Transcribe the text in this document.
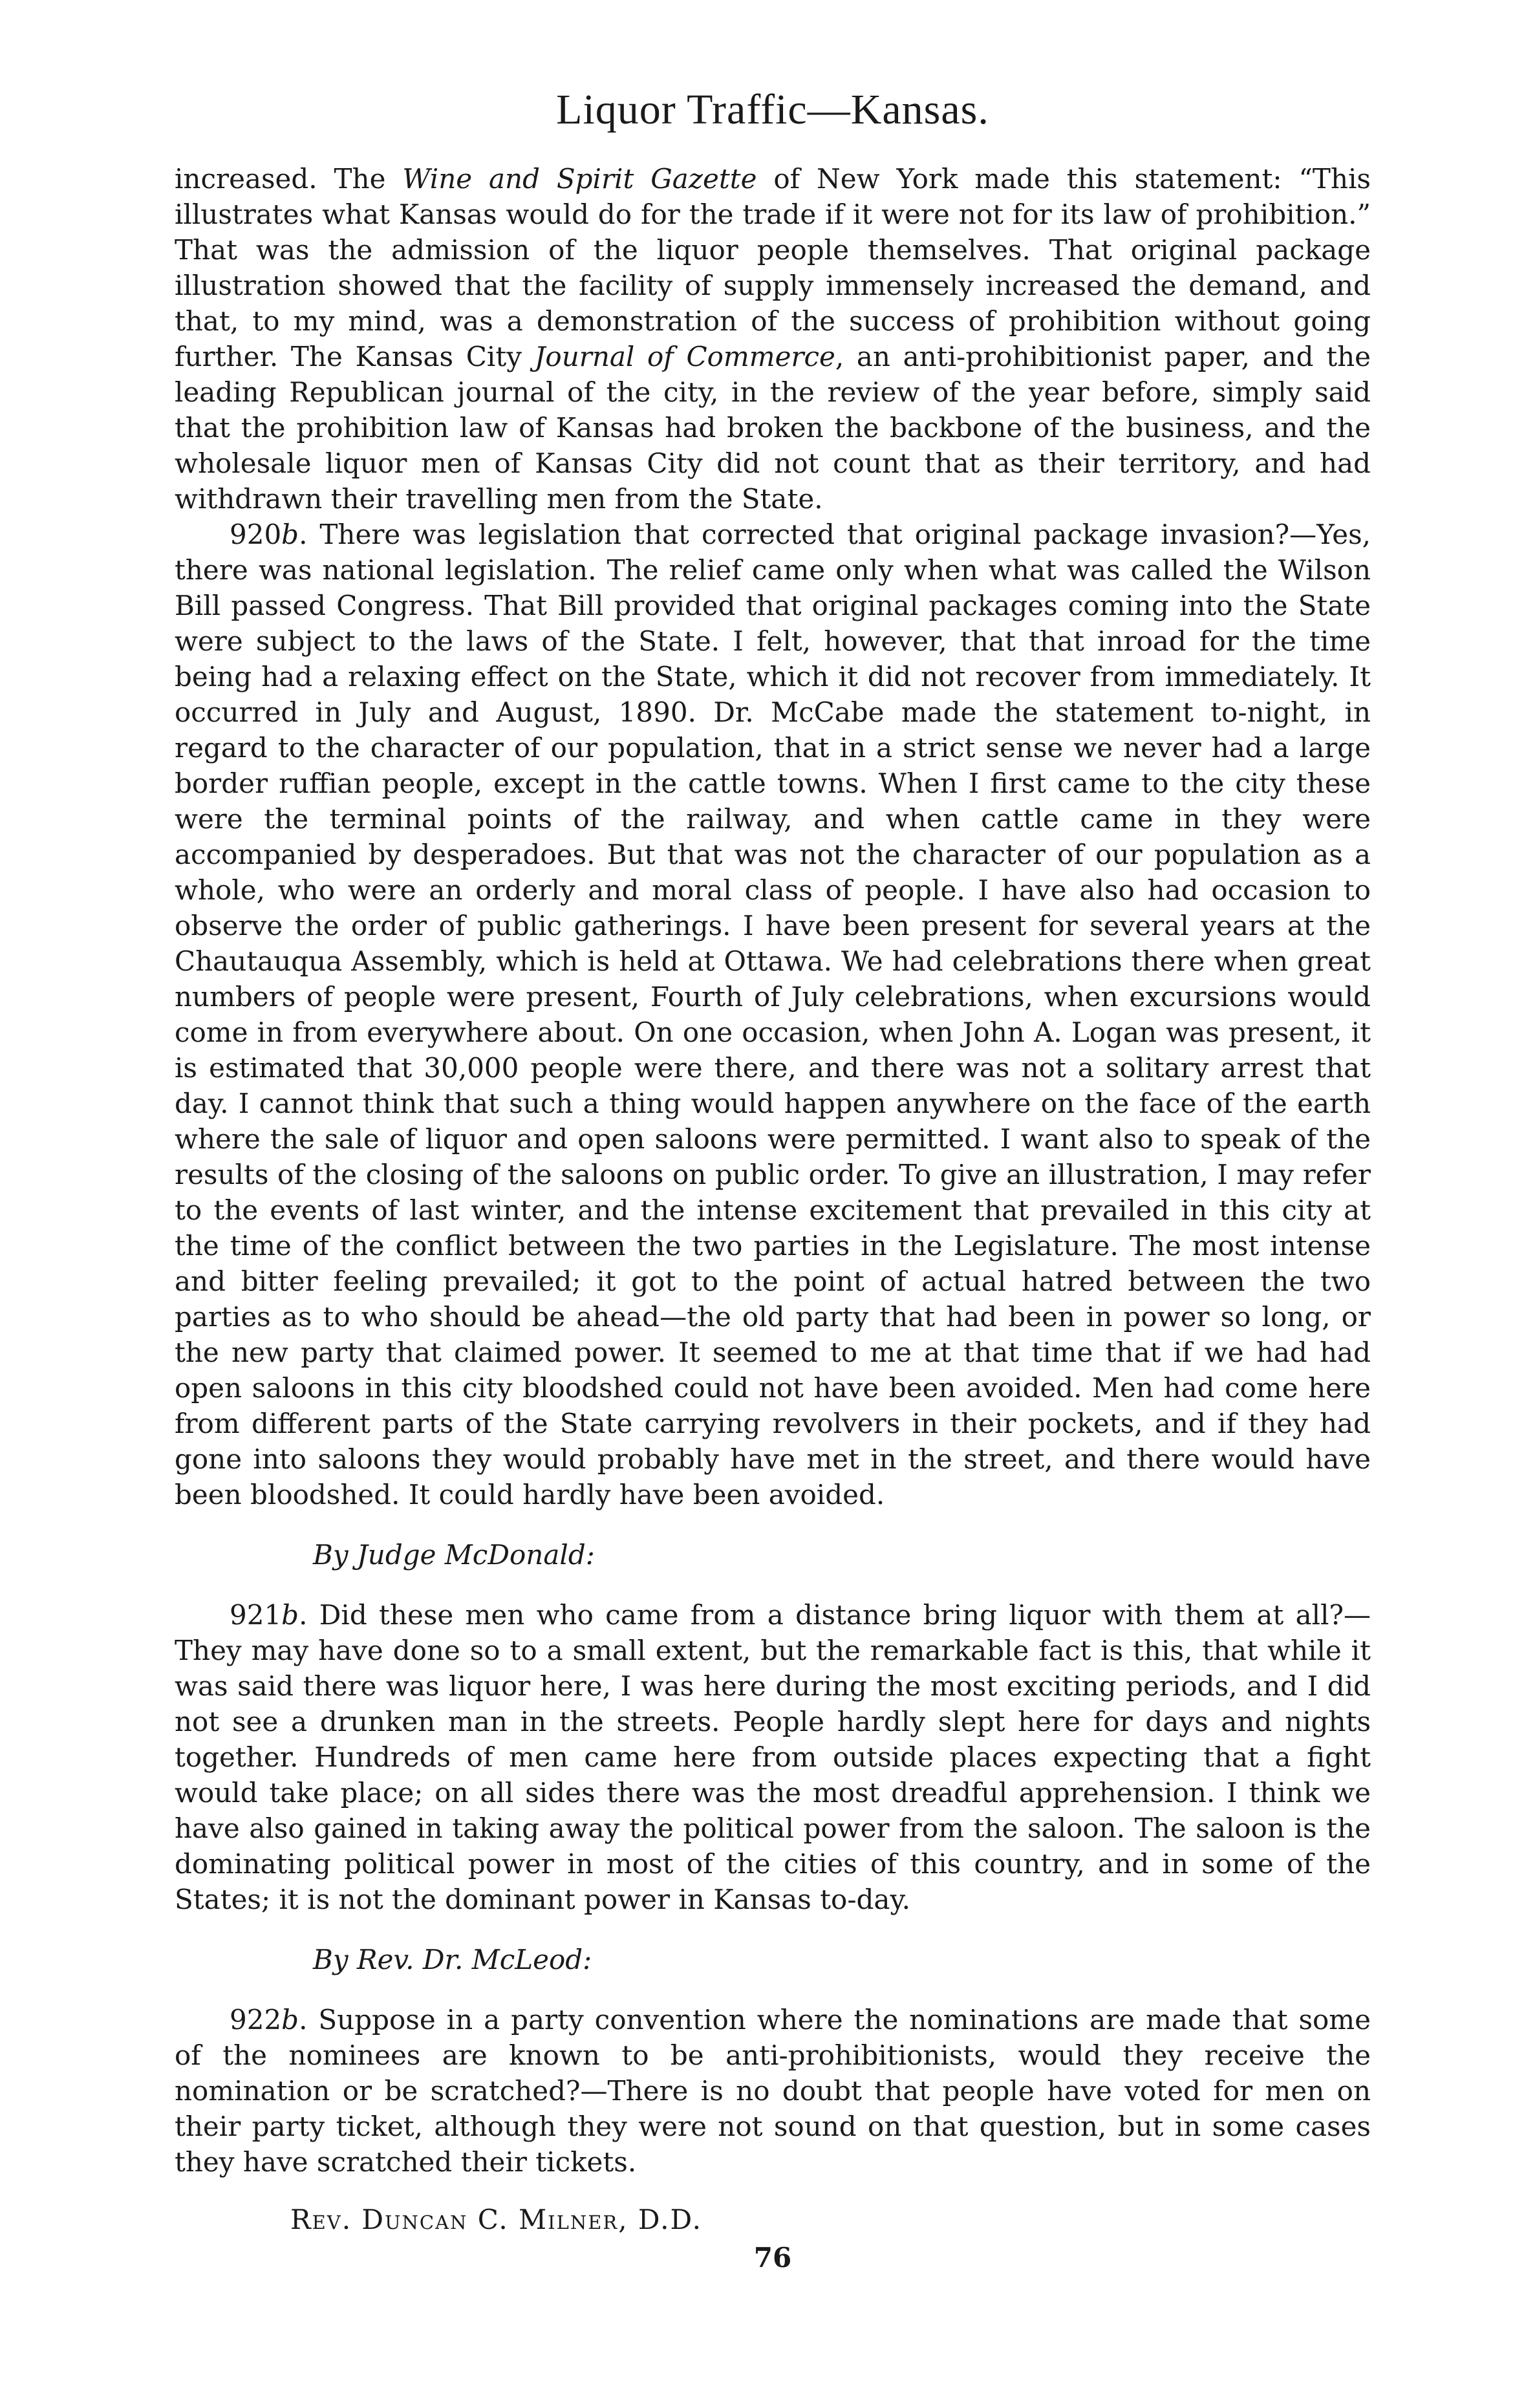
Liquor Traffic—Kansas.

increased. The Wine and Spirit Gazette of New York made this statement: “This illustrates what Kansas would do for the trade if it were not for its law of prohibition.” That was the admission of the liquor people themselves. That original package illustration showed that the facility of supply immensely increased the demand, and that, to my mind, was a demonstration of the success of prohibition without going further. The Kansas City Journal of Commerce, an anti-prohibitionist paper, and the leading Republican journal of the city, in the review of the year before, simply said that the prohibition law of Kansas had broken the backbone of the business, and the wholesale liquor men of Kansas City did not count that as their territory, and had withdrawn their travelling men from the State.

920b. There was legislation that corrected that original package invasion?—Yes, there was national legislation. The relief came only when what was called the Wilson Bill passed Congress. That Bill provided that original packages coming into the State were subject to the laws of the State. I felt, however, that that inroad for the time being had a relaxing effect on the State, which it did not recover from immediately. It occurred in July and August, 1890. Dr. McCabe made the statement to-night, in regard to the character of our population, that in a strict sense we never had a large border ruffian people, except in the cattle towns. When I first came to the city these were the terminal points of the railway, and when cattle came in they were accompanied by desperadoes. But that was not the character of our population as a whole, who were an orderly and moral class of people. I have also had occasion to observe the order of public gatherings. I have been present for several years at the Chautauqua Assembly, which is held at Ottawa. We had celebrations there when great numbers of people were present, Fourth of July celebrations, when excursions would come in from everywhere about. On one occasion, when John A. Logan was present, it is estimated that 30,000 people were there, and there was not a solitary arrest that day. I cannot think that such a thing would happen anywhere on the face of the earth where the sale of liquor and open saloons were permitted. I want also to speak of the results of the closing of the saloons on public order. To give an illustration, I may refer to the events of last winter, and the intense excitement that prevailed in this city at the time of the conflict between the two parties in the Legislature. The most intense and bitter feeling prevailed; it got to the point of actual hatred between the two parties as to who should be ahead—the old party that had been in power so long, or the new party that claimed power. It seemed to me at that time that if we had had open saloons in this city bloodshed could not have been avoided. Men had come here from different parts of the State carrying revolvers in their pockets, and if they had gone into saloons they would probably have met in the street, and there would have been bloodshed. It could hardly have been avoided.

By Judge McDonald:

921b. Did these men who came from a distance bring liquor with them at all?—They may have done so to a small extent, but the remarkable fact is this, that while it was said there was liquor here, I was here during the most exciting periods, and I did not see a drunken man in the streets. People hardly slept here for days and nights together. Hundreds of men came here from outside places expecting that a fight would take place; on all sides there was the most dreadful apprehension. I think we have also gained in taking away the political power from the saloon. The saloon is the dominating political power in most of the cities of this country, and in some of the States; it is not the dominant power in Kansas to-day.

By Rev. Dr. McLeod:

922b. Suppose in a party convention where the nominations are made that some of the nominees are known to be anti-prohibitionists, would they receive the nomination or be scratched?—There is no doubt that people have voted for men on their party ticket, although they were not sound on that question, but in some cases they have scratched their tickets.

Rev. Duncan C. Milner, D.D.

76
